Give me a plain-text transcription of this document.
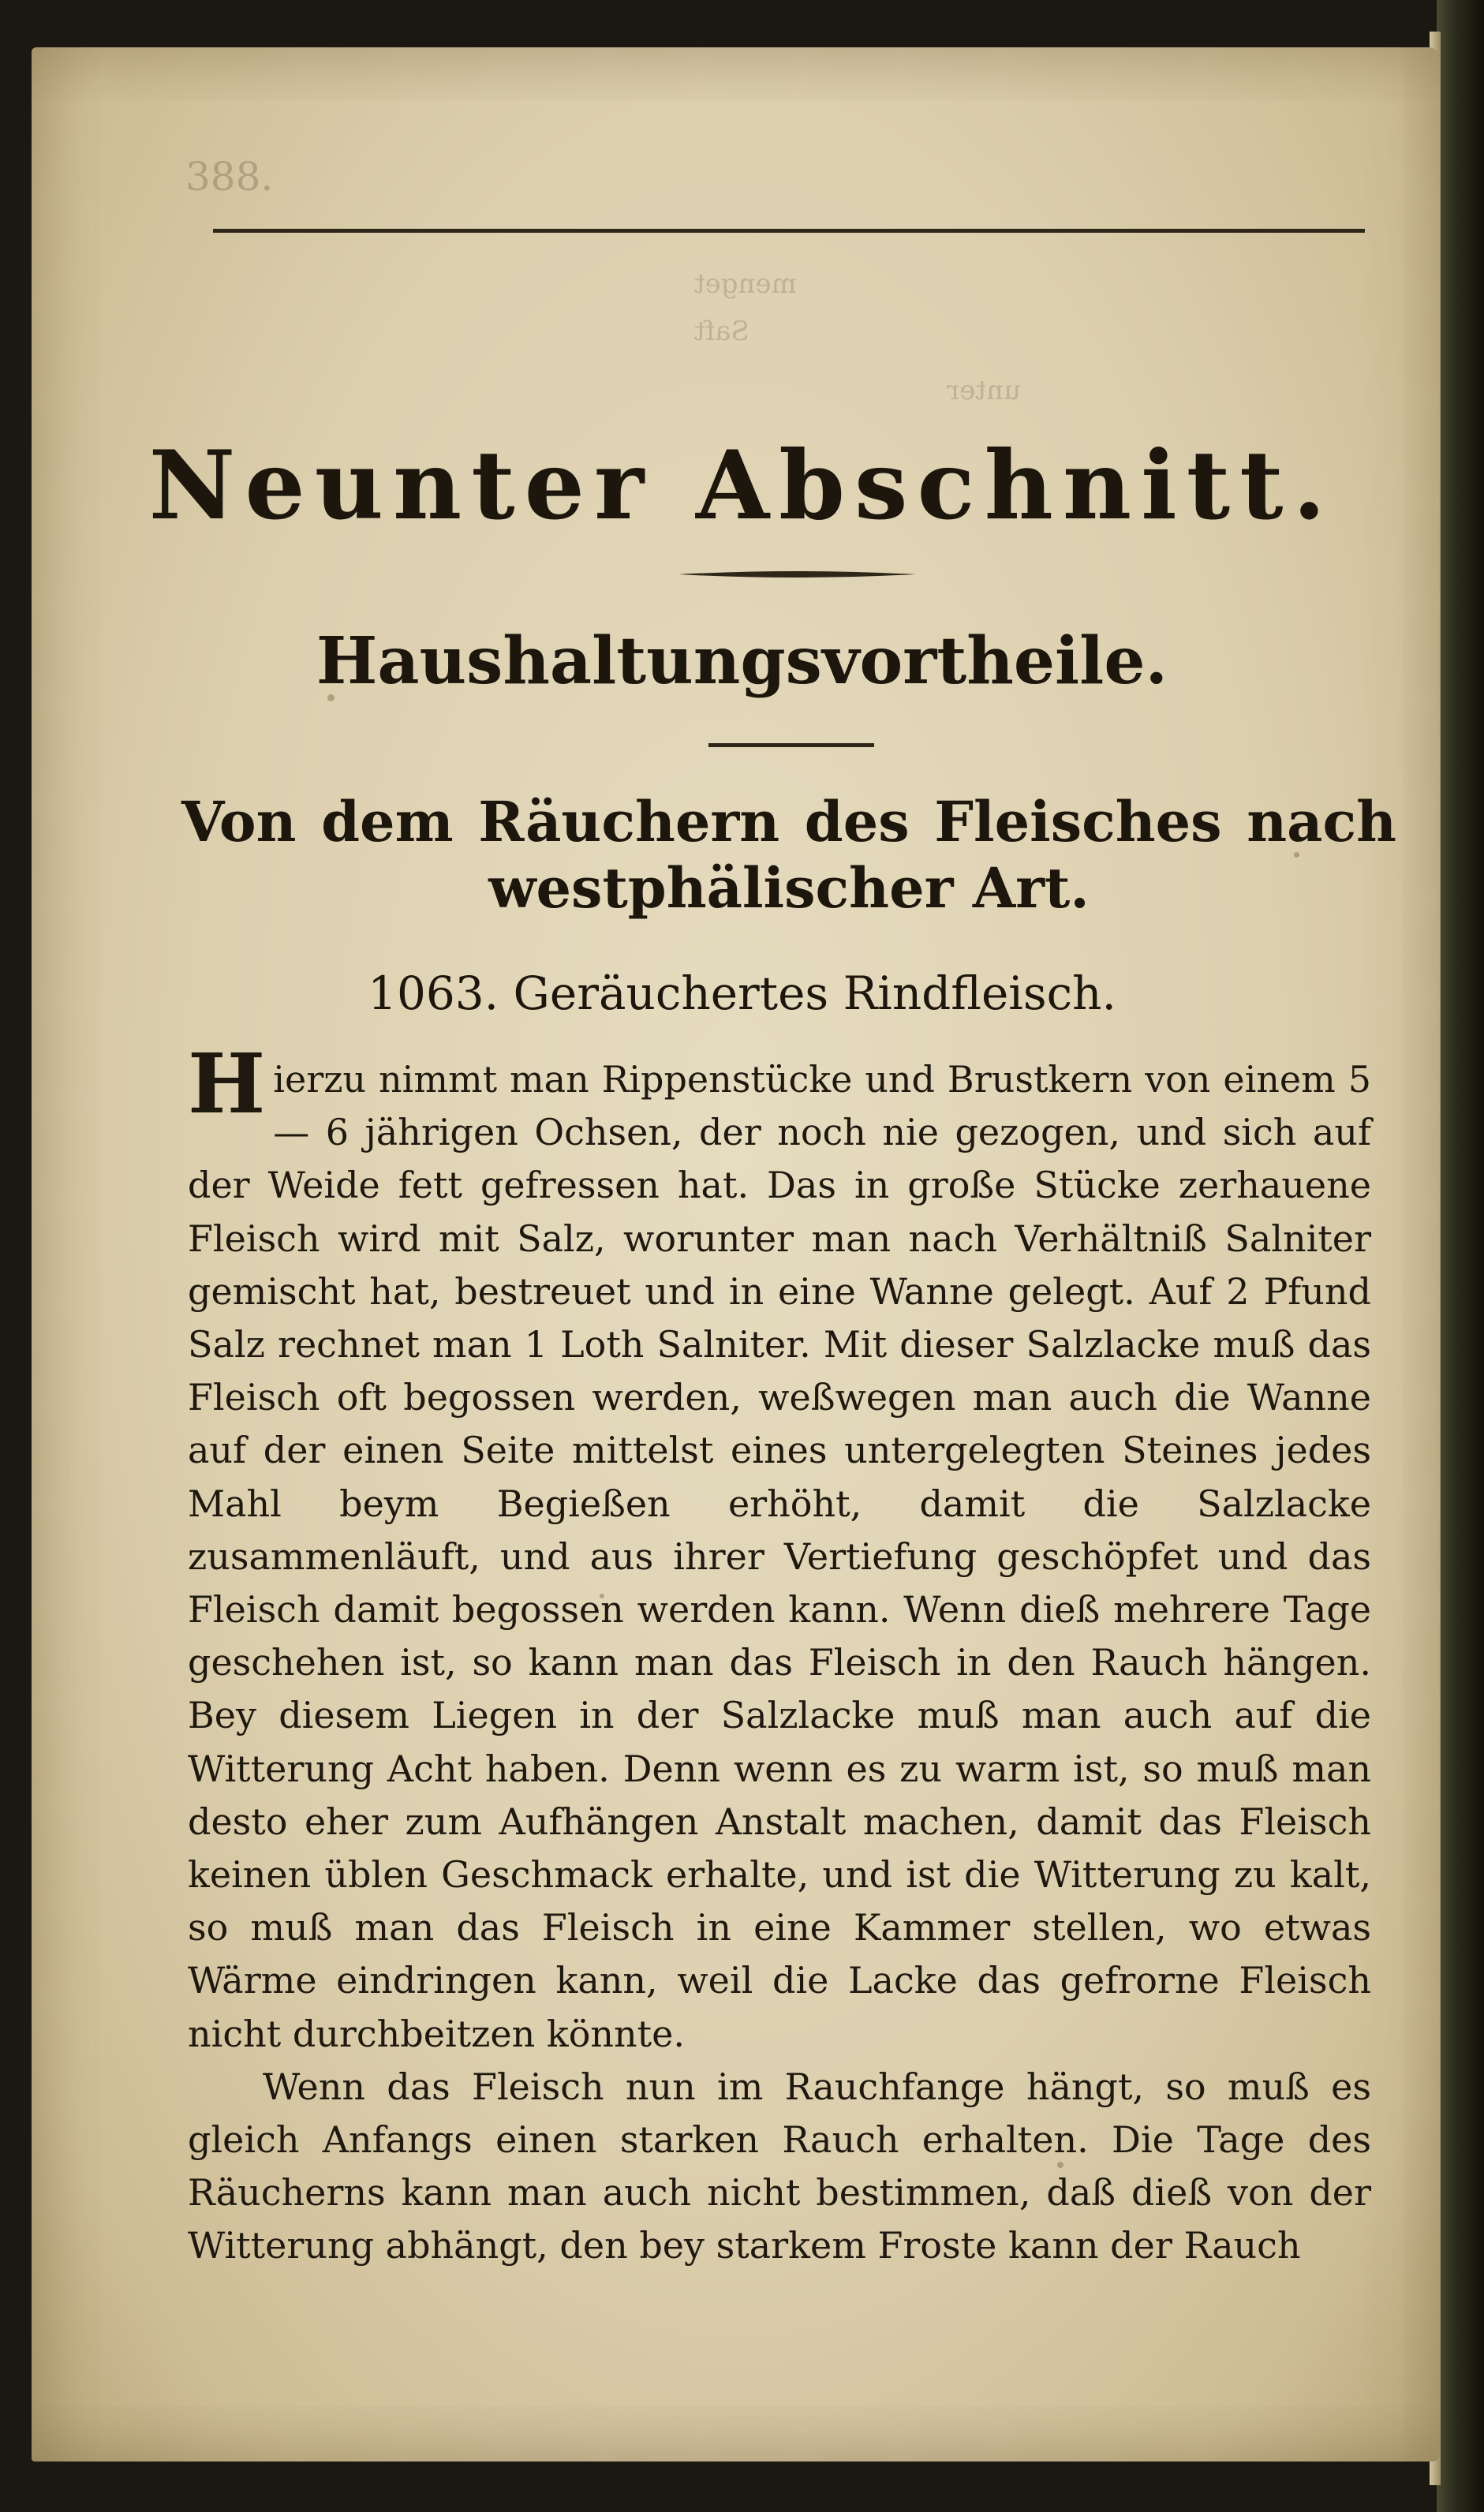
388.
menget
Saft
unter
Neunter Abschnitt.
Haushaltungsvortheile.
Von dem Räuchern des Fleisches nach westphälischer Art.
1063. Geräuchertes Rindfleisch.

Hierzu nimmt man Rippenstücke und Brustkern von einem 5 — 6 jährigen Ochsen, der noch nie gezogen, und sich auf der Weide fett gefressen hat. Das in große Stücke zerhauene Fleisch wird mit Salz, worunter man nach Verhältniß Salniter gemischt hat, bestreuet und in eine Wanne gelegt. Auf 2 Pfund Salz rechnet man 1 Loth Salniter. Mit dieser Salzlacke muß das Fleisch oft begossen werden, weßwegen man auch die Wanne auf der einen Seite mittelst eines untergelegten Steines jedes Mahl beym Begießen erhöht, damit die Salzlacke zusammenläuft, und aus ihrer Vertiefung geschöpfet und das Fleisch damit begossen werden kann. Wenn dieß mehrere Tage geschehen ist, so kann man das Fleisch in den Rauch hängen. Bey diesem Liegen in der Salzlacke muß man auch auf die Witterung Acht haben. Denn wenn es zu warm ist, so muß man desto eher zum Aufhängen Anstalt machen, damit das Fleisch keinen üblen Geschmack erhalte, und ist die Witterung zu kalt, so muß man das Fleisch in eine Kammer stellen, wo etwas Wärme eindringen kann, weil die Lacke das gefrorne Fleisch nicht durchbeitzen könnte.

Wenn das Fleisch nun im Rauchfange hängt, so muß es gleich Anfangs einen starken Rauch erhalten. Die Tage des Räucherns kann man auch nicht bestimmen, daß dieß von der Witterung abhängt, den bey starkem Froste kann der Rauch
